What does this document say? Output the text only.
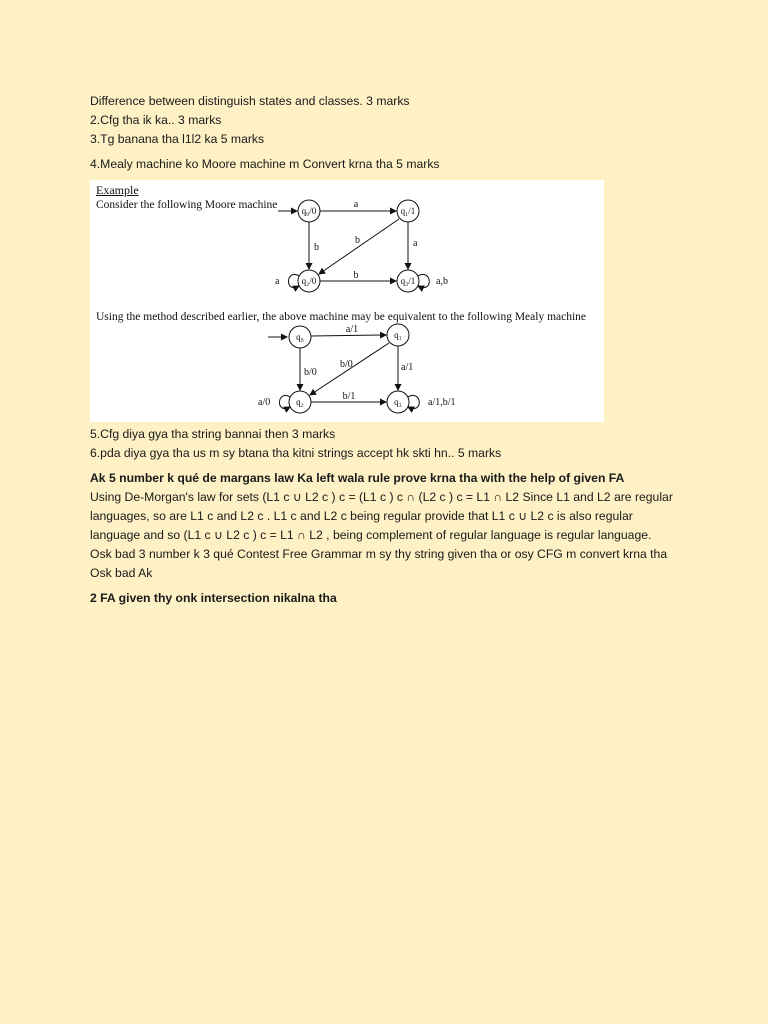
Difference between distinguish states and classes. 3 marks

2.Cfg tha ik ka.. 3 marks

3.Tg banana tha l1l2 ka 5 marks

4.Mealy machine ko Moore machine m Convert krna tha 5 marks

Example
Consider the following Moore machine
Using the method described earlier, the above machine may be equivalent to the following Mealy machine
q₀/0	q₁/1
q₂/0	q₃/1
a
b
b	a
b
a	a,b
q₀	q₁
q₂	q₃
a/1
b/0
b/0	a/1
b/1
a/0	a/1,b/1

5.Cfg diya gya tha string bannai then 3 marks

6.pda diya gya tha us m sy btana tha kitni strings accept hk skti hn.. 5 marks

Ak 5 number k qué de margans law Ka left wala rule prove krna tha with the help of given FA

Using De-Morgan's law for sets (L1 c ∪ L2 c ) c = (L1 c ) c ∩ (L2 c ) c = L1 ∩ L2 Since L1 and L2 are regular languages, so are L1 c and L2 c . L1 c and L2 c being regular provide that L1 c ∪ L2 c is also regular language and so (L1 c ∪ L2 c ) c = L1 ∩ L2 , being complement of regular language is regular language.

Osk bad 3 number k 3 qué Contest Free Grammar m sy thy string given tha or osy CFG m convert krna tha Osk bad Ak

2 FA given thy onk intersection nikalna tha
